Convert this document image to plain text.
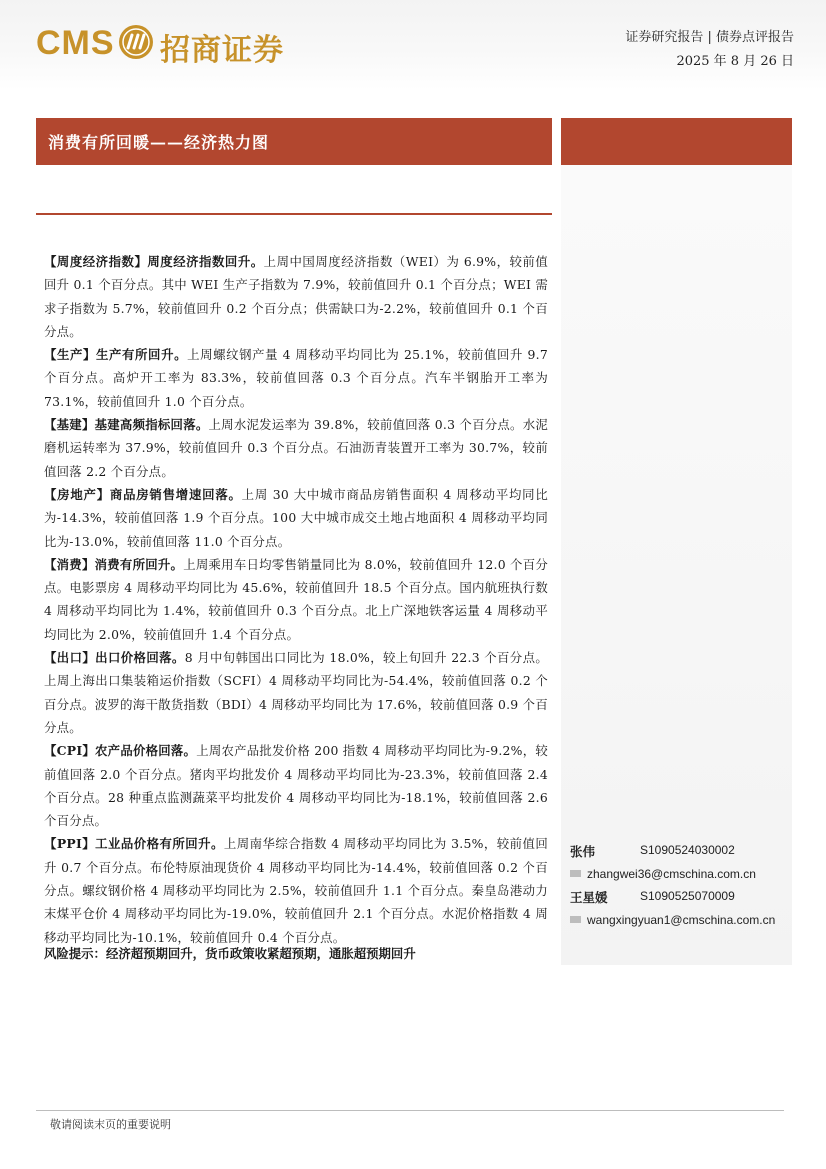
CMS 招商证券	证券研究报告 | 债券点评报告
2025 年 8 月 26 日
消费有所回暖——经济热力图

【周度经济指数】周度经济指数回升。上周中国周度经济指数（WEI）为 6.9%，较前值回升 0.1 个百分点。其中 WEI 生产子指数为 7.9%，较前值回升 0.1 个百分点；WEI 需求子指数为 5.7%，较前值回升 0.2 个百分点；供需缺口为-2.2%，较前值回升 0.1 个百分点。

【生产】生产有所回升。上周螺纹钢产量 4 周移动平均同比为 25.1%，较前值回升 9.7 个百分点。高炉开工率为 83.3%，较前值回落 0.3 个百分点。汽车半钢胎开工率为 73.1%，较前值回升 1.0 个百分点。

【基建】基建高频指标回落。上周水泥发运率为 39.8%，较前值回落 0.3 个百分点。水泥磨机运转率为 37.9%，较前值回升 0.3 个百分点。石油沥青装置开工率为 30.7%，较前值回落 2.2 个百分点。

【房地产】商品房销售增速回落。上周 30 大中城市商品房销售面积 4 周移动平均同比为-14.3%，较前值回落 1.9 个百分点。100 大中城市成交土地占地面积 4 周移动平均同比为-13.0%，较前值回落 11.0 个百分点。

【消费】消费有所回升。上周乘用车日均零售销量同比为 8.0%，较前值回升 12.0 个百分点。电影票房 4 周移动平均同比为 45.6%，较前值回升 18.5 个百分点。国内航班执行数 4 周移动平均同比为 1.4%，较前值回升 0.3 个百分点。北上广深地铁客运量 4 周移动平均同比为 2.0%，较前值回升 1.4 个百分点。

【出口】出口价格回落。8 月中旬韩国出口同比为 18.0%，较上旬回升 22.3 个百分点。上周上海出口集装箱运价指数（SCFI）4 周移动平均同比为-54.4%，较前值回落 0.2 个百分点。波罗的海干散货指数（BDI）4 周移动平均同比为 17.6%，较前值回落 0.9 个百分点。

【CPI】农产品价格回落。上周农产品批发价格 200 指数 4 周移动平均同比为-9.2%，较前值回落 2.0 个百分点。猪肉平均批发价 4 周移动平均同比为-23.3%，较前值回落 2.4 个百分点。28 种重点监测蔬菜平均批发价 4 周移动平均同比为-18.1%，较前值回落 2.6 个百分点。

【PPI】工业品价格有所回升。上周南华综合指数 4 周移动平均同比为 3.5%，较前值回升 0.7 个百分点。布伦特原油现货价 4 周移动平均同比为-14.4%，较前值回落 0.2 个百分点。螺纹钢价格 4 周移动平均同比为 2.5%，较前值回升 1.1 个百分点。秦皇岛港动力末煤平仓价 4 周移动平均同比为-19.0%，较前值回升 2.1 个百分点。水泥价格指数 4 周移动平均同比为-10.1%，较前值回升 0.4 个百分点。

风险提示：经济超预期回升，货币政策收紧超预期，通胀超预期回升
张伟	S1090524030002
zhangwei36@cmschina.com.cn
王星媛	S1090525070009
wangxingyuan1@cmschina.com.cn
敬请阅读末页的重要说明
